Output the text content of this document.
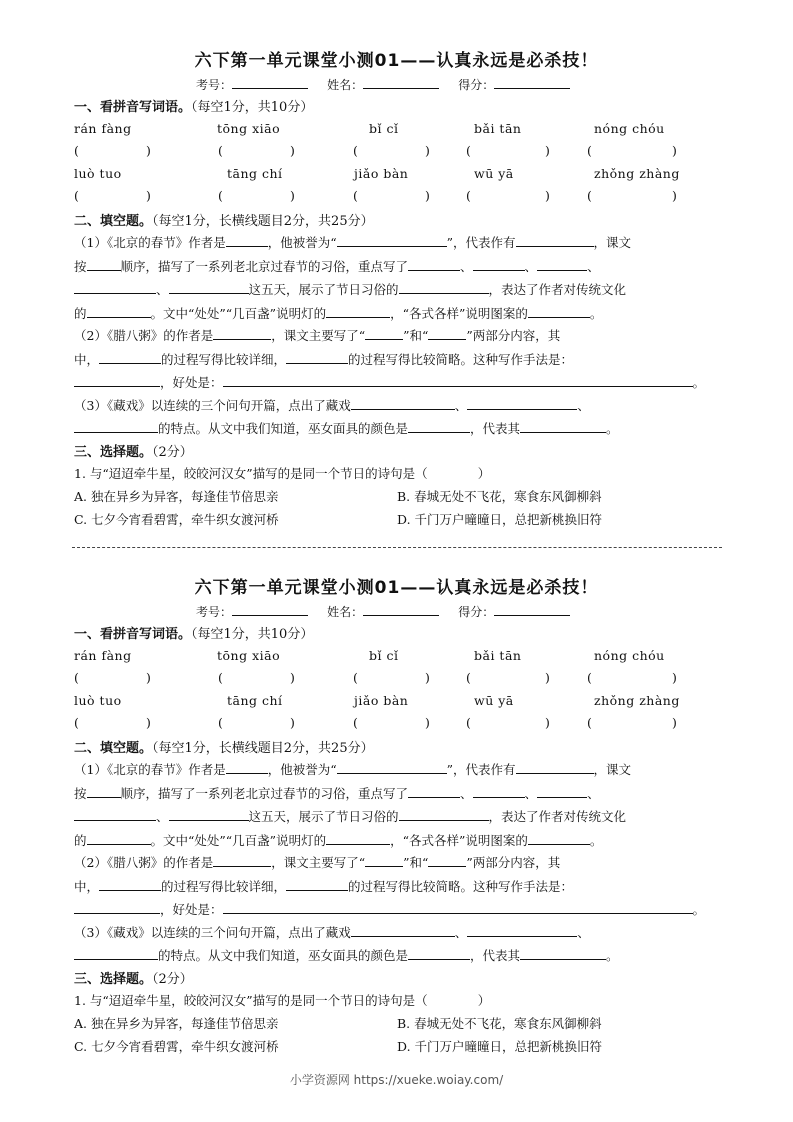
六下第一单元课堂小测01——认真永远是必杀技！
考号：	姓名：	得分：
一、看拼音写词语。（每空1分，共10分）
rán fàng	tōng xiāo	bǐ cǐ	bǎi tān	nóng chóu
(	)	(	)	(	)	(	)	(	)
luò tuo	tāng chí	jiǎo bàn	wū yā	zhǒng zhàng
(	)	(	)	(	)	(	)	(	)
二、填空题。（每空1分，长横线题目2分，共25分）
（1）《北京的春节》作者是	，他被誉为“	”，代表作有	，课文
按	顺序，描写了一系列老北京过春节的习俗，重点写了	、	、	、
、	这五天，展示了节日习俗的	，表达了作者对传统文化
的	。文中“处处”“几百盏”说明灯的	，“各式各样”说明图案的	。
（2）《腊八粥》的作者是	，课文主要写了“	”和“	”两部分内容，其
中，	的过程写得比较详细，	的过程写得比较简略。这种写作手法是：
，好处是：	。
（3）《藏戏》以连续的三个问句开篇，点出了藏戏	、	、
的特点。从文中我们知道，巫女面具的颜色是	，代表其	。
三、选择题。（2分）
1. 与“迢迢牵牛星，皎皎河汉女”描写的是同一个节日的诗句是（	）
A. 独在异乡为异客，每逢佳节倍思亲	B. 春城无处不飞花，寒食东风御柳斜
C. 七夕今宵看碧霄，牵牛织女渡河桥	D. 千门万户曈曈日，总把新桃换旧符
六下第一单元课堂小测01——认真永远是必杀技！
考号：	姓名：	得分：
一、看拼音写词语。（每空1分，共10分）
rán fàng	tōng xiāo	bǐ cǐ	bǎi tān	nóng chóu
(	)	(	)	(	)	(	)	(	)
luò tuo	tāng chí	jiǎo bàn	wū yā	zhǒng zhàng
(	)	(	)	(	)	(	)	(	)
二、填空题。（每空1分，长横线题目2分，共25分）
（1）《北京的春节》作者是	，他被誉为“	”，代表作有	，课文
按	顺序，描写了一系列老北京过春节的习俗，重点写了	、	、	、
、	这五天，展示了节日习俗的	，表达了作者对传统文化
的	。文中“处处”“几百盏”说明灯的	，“各式各样”说明图案的	。
（2）《腊八粥》的作者是	，课文主要写了“	”和“	”两部分内容，其
中，	的过程写得比较详细，	的过程写得比较简略。这种写作手法是：
，好处是：	。
（3）《藏戏》以连续的三个问句开篇，点出了藏戏	、	、
的特点。从文中我们知道，巫女面具的颜色是	，代表其	。
三、选择题。（2分）
1. 与“迢迢牵牛星，皎皎河汉女”描写的是同一个节日的诗句是（	）
A. 独在异乡为异客，每逢佳节倍思亲	B. 春城无处不飞花，寒食东风御柳斜
C. 七夕今宵看碧霄，牵牛织女渡河桥	D. 千门万户曈曈日，总把新桃换旧符
小学资源网 https://xueke.woiay.com/
